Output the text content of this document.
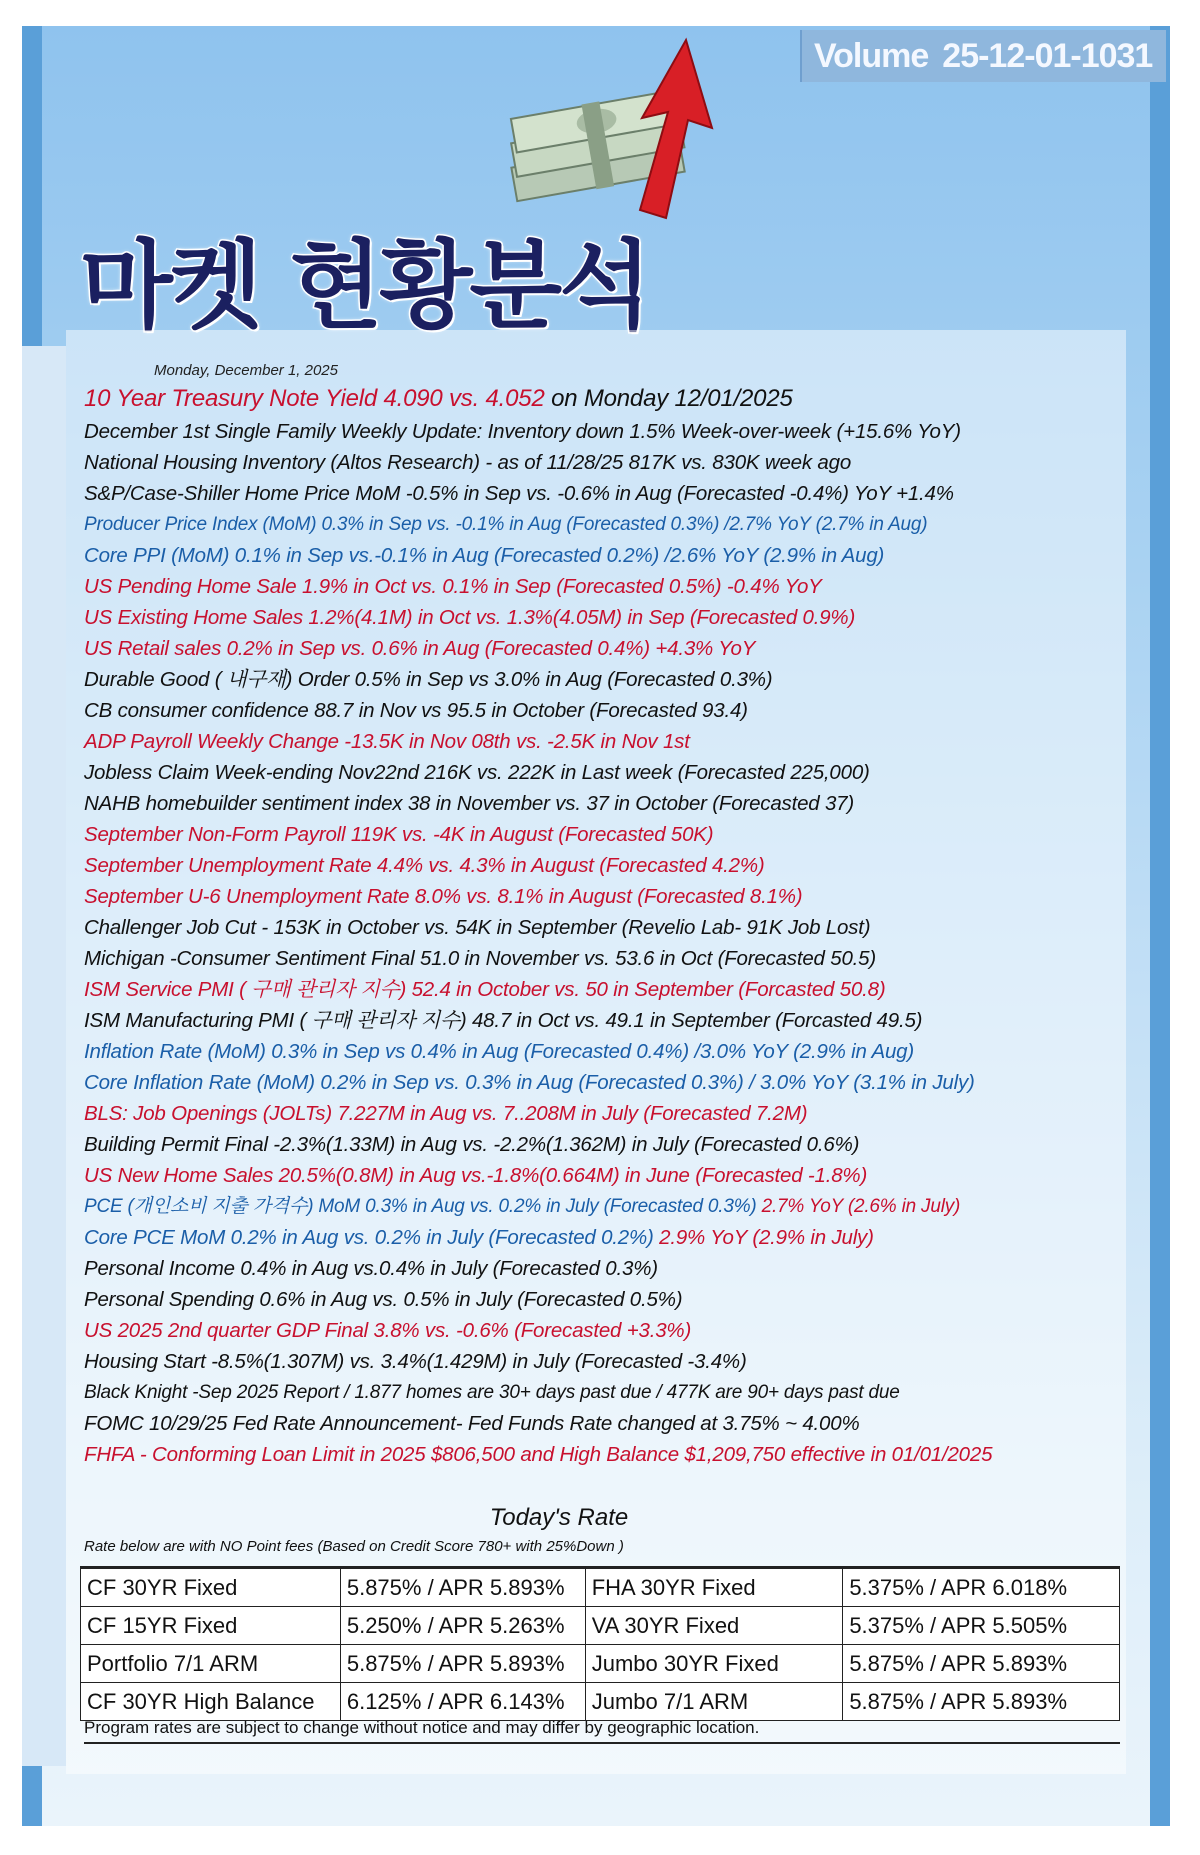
Volume 25-12-01-1031
마켓 현황분석
Monday, December 1, 2025
10 Year Treasury Note Yield 4.090 vs. 4.052 on Monday 12/01/2025
December 1st Single Family Weekly Update: Inventory down 1.5% Week-over-week (+15.6% YoY)
National Housing Inventory (Altos Research) - as of 11/28/25 817K vs. 830K week ago
S&P/Case-Shiller Home Price MoM -0.5% in Sep vs. -0.6% in Aug (Forecasted -0.4%) YoY +1.4%
Producer Price Index (MoM) 0.3% in Sep vs. -0.1% in Aug (Forecasted 0.3%) /2.7% YoY (2.7% in Aug)
Core PPI (MoM) 0.1% in Sep vs.-0.1% in Aug (Forecasted 0.2%) /2.6% YoY (2.9% in Aug)
US Pending Home Sale 1.9% in Oct vs. 0.1% in Sep (Forecasted 0.5%) -0.4% YoY
US Existing Home Sales 1.2%(4.1M) in Oct vs. 1.3%(4.05M) in Sep (Forecasted 0.9%)
US Retail sales 0.2% in Sep vs. 0.6% in Aug (Forecasted 0.4%) +4.3% YoY
Durable Good ( 내구재) Order 0.5% in Sep vs 3.0% in Aug (Forecasted 0.3%)
CB consumer confidence 88.7 in Nov vs 95.5 in October (Forecasted 93.4)
ADP Payroll Weekly Change -13.5K in Nov 08th vs. -2.5K in Nov 1st
Jobless Claim Week-ending Nov22nd 216K vs. 222K in Last week (Forecasted 225,000)
NAHB homebuilder sentiment index 38 in November vs. 37 in October (Forecasted 37)
September Non-Form Payroll 119K vs. -4K in August (Forecasted 50K)
September Unemployment Rate 4.4% vs. 4.3% in August (Forecasted 4.2%)
September U-6 Unemployment Rate 8.0% vs. 8.1% in August (Forecasted 8.1%)
Challenger Job Cut - 153K in October vs. 54K in September (Revelio Lab- 91K Job Lost)
Michigan -Consumer Sentiment Final 51.0 in November vs. 53.6 in Oct (Forecasted 50.5)
ISM Service PMI ( 구매 관리자 지수) 52.4 in October vs. 50 in September (Forcasted 50.8)
ISM Manufacturing PMI ( 구매 관리자 지수) 48.7 in Oct vs. 49.1 in September (Forcasted 49.5)
Inflation Rate (MoM) 0.3% in Sep vs 0.4% in Aug (Forecasted 0.4%) /3.0% YoY (2.9% in Aug)
Core Inflation Rate (MoM) 0.2% in Sep vs. 0.3% in Aug (Forecasted 0.3%) / 3.0% YoY (3.1% in July)
BLS: Job Openings (JOLTs) 7.227M in Aug vs. 7..208M in July (Forecasted 7.2M)
Building Permit Final -2.3%(1.33M) in Aug vs. -2.2%(1.362M) in July (Forecasted 0.6%)
US New Home Sales 20.5%(0.8M) in Aug vs.-1.8%(0.664M) in June (Forecasted -1.8%)
PCE (개인소비 지출 가격수) MoM 0.3% in Aug vs. 0.2% in July (Forecasted 0.3%) 2.7% YoY (2.6% in July)
Core PCE MoM 0.2% in Aug vs. 0.2% in July (Forecasted 0.2%) 2.9% YoY (2.9% in July)
Personal Income 0.4% in Aug vs.0.4% in July (Forecasted 0.3%)
Personal Spending 0.6% in Aug vs. 0.5% in July (Forecasted 0.5%)
US 2025 2nd quarter GDP Final 3.8% vs. -0.6% (Forecasted +3.3%)
Housing Start -8.5%(1.307M) vs. 3.4%(1.429M) in July (Forecasted -3.4%)
Black Knight -Sep 2025 Report / 1.877 homes are 30+ days past due / 477K are 90+ days past due
FOMC 10/29/25 Fed Rate Announcement- Fed Funds Rate changed at 3.75% ~ 4.00%
FHFA - Conforming Loan Limit in 2025 $806,500 and High Balance $1,209,750 effective in 01/01/2025
Today's Rate
Rate below are with NO Point fees (Based on Credit Score 780+ with 25%Down )
CF 30YR Fixed	5.875% / APR 5.893%	FHA 30YR Fixed	5.375% / APR 6.018%
CF 15YR Fixed	5.250% / APR 5.263%	VA 30YR Fixed	5.375% / APR 5.505%
Portfolio 7/1 ARM	5.875% / APR 5.893%	Jumbo 30YR Fixed	5.875% / APR 5.893%
CF 30YR High Balance	6.125% / APR 6.143%	Jumbo 7/1 ARM	5.875% / APR 5.893%
Program rates are subject to change without notice and may differ by geographic location.
